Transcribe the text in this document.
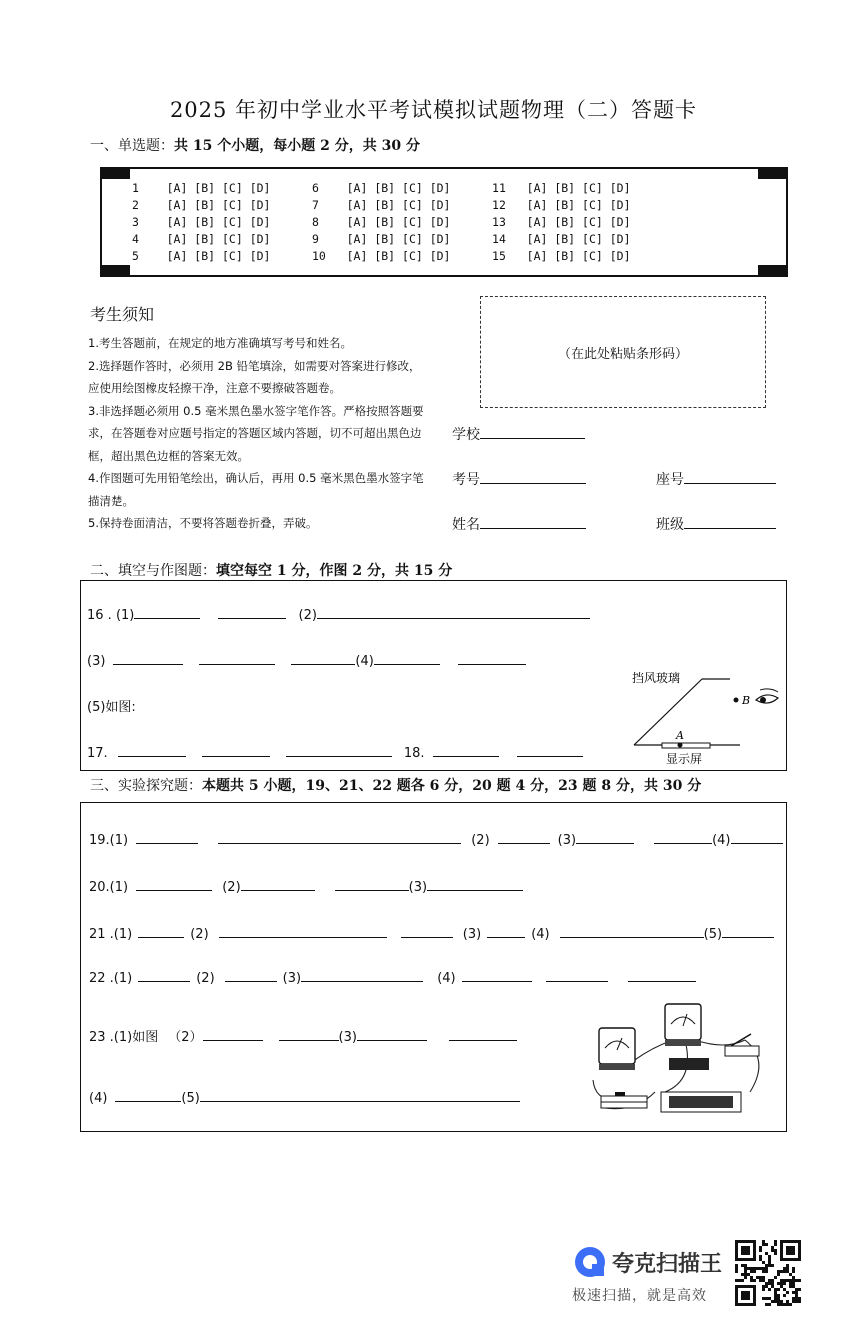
2025 年初中学业水平考试模拟试题物理（二）答题卡
一、单选题：共 15 个小题，每小题 2 分，共 30 分
1    [A] [B] [C] [D]      6    [A] [B] [C] [D]      11   [A] [B] [C] [D]
2    [A] [B] [C] [D]      7    [A] [B] [C] [D]      12   [A] [B] [C] [D]
3    [A] [B] [C] [D]      8    [A] [B] [C] [D]      13   [A] [B] [C] [D]
4    [A] [B] [C] [D]      9    [A] [B] [C] [D]      14   [A] [B] [C] [D]
5    [A] [B] [C] [D]      10   [A] [B] [C] [D]      15   [A] [B] [C] [D]
考生须知
1.考生答题前，在规定的地方准确填写考号和姓名。
2.选择题作答时，必须用 2B 铅笔填涂，如需要对答案进行修改，应使用绘图橡皮轻擦干净，注意不要擦破答题卷。
3.非选择题必须用 0.5 毫米黑色墨水签字笔作答。严格按照答题要求，在答题卷对应题号指定的答题区域内答题，切不可超出黑色边框，超出黑色边框的答案无效。
4.作图题可先用铅笔绘出，确认后，再用 0.5 毫米黑色墨水签字笔描清楚。
5.保持卷面清洁，不要将答题卷折叠，弄破。
（在此处粘贴条形码）
学校
考号	座号
姓名	班级
二、填空与作图题：填空每空 1 分，作图 2 分，共 15 分
16 . (1)	(2)
(3)	(4)
(5)如图:
17.	18.
挡风玻璃
A
B
显示屏
三、实验探究题：本题共 5 小题，19、21、22 题各 6 分，20 题 4 分，23 题 8 分，共 30 分
19.(1)	(2)	(3)	(4)
20.(1)	(2)	(3)
21 .(1)	(2)	(3)	(4)	(5)
22 .(1)	(2)	(3)	(4)
23 .(1)如图 （2）	(3)
(4)	(5)
夸克扫描王
极速扫描，就是高效
